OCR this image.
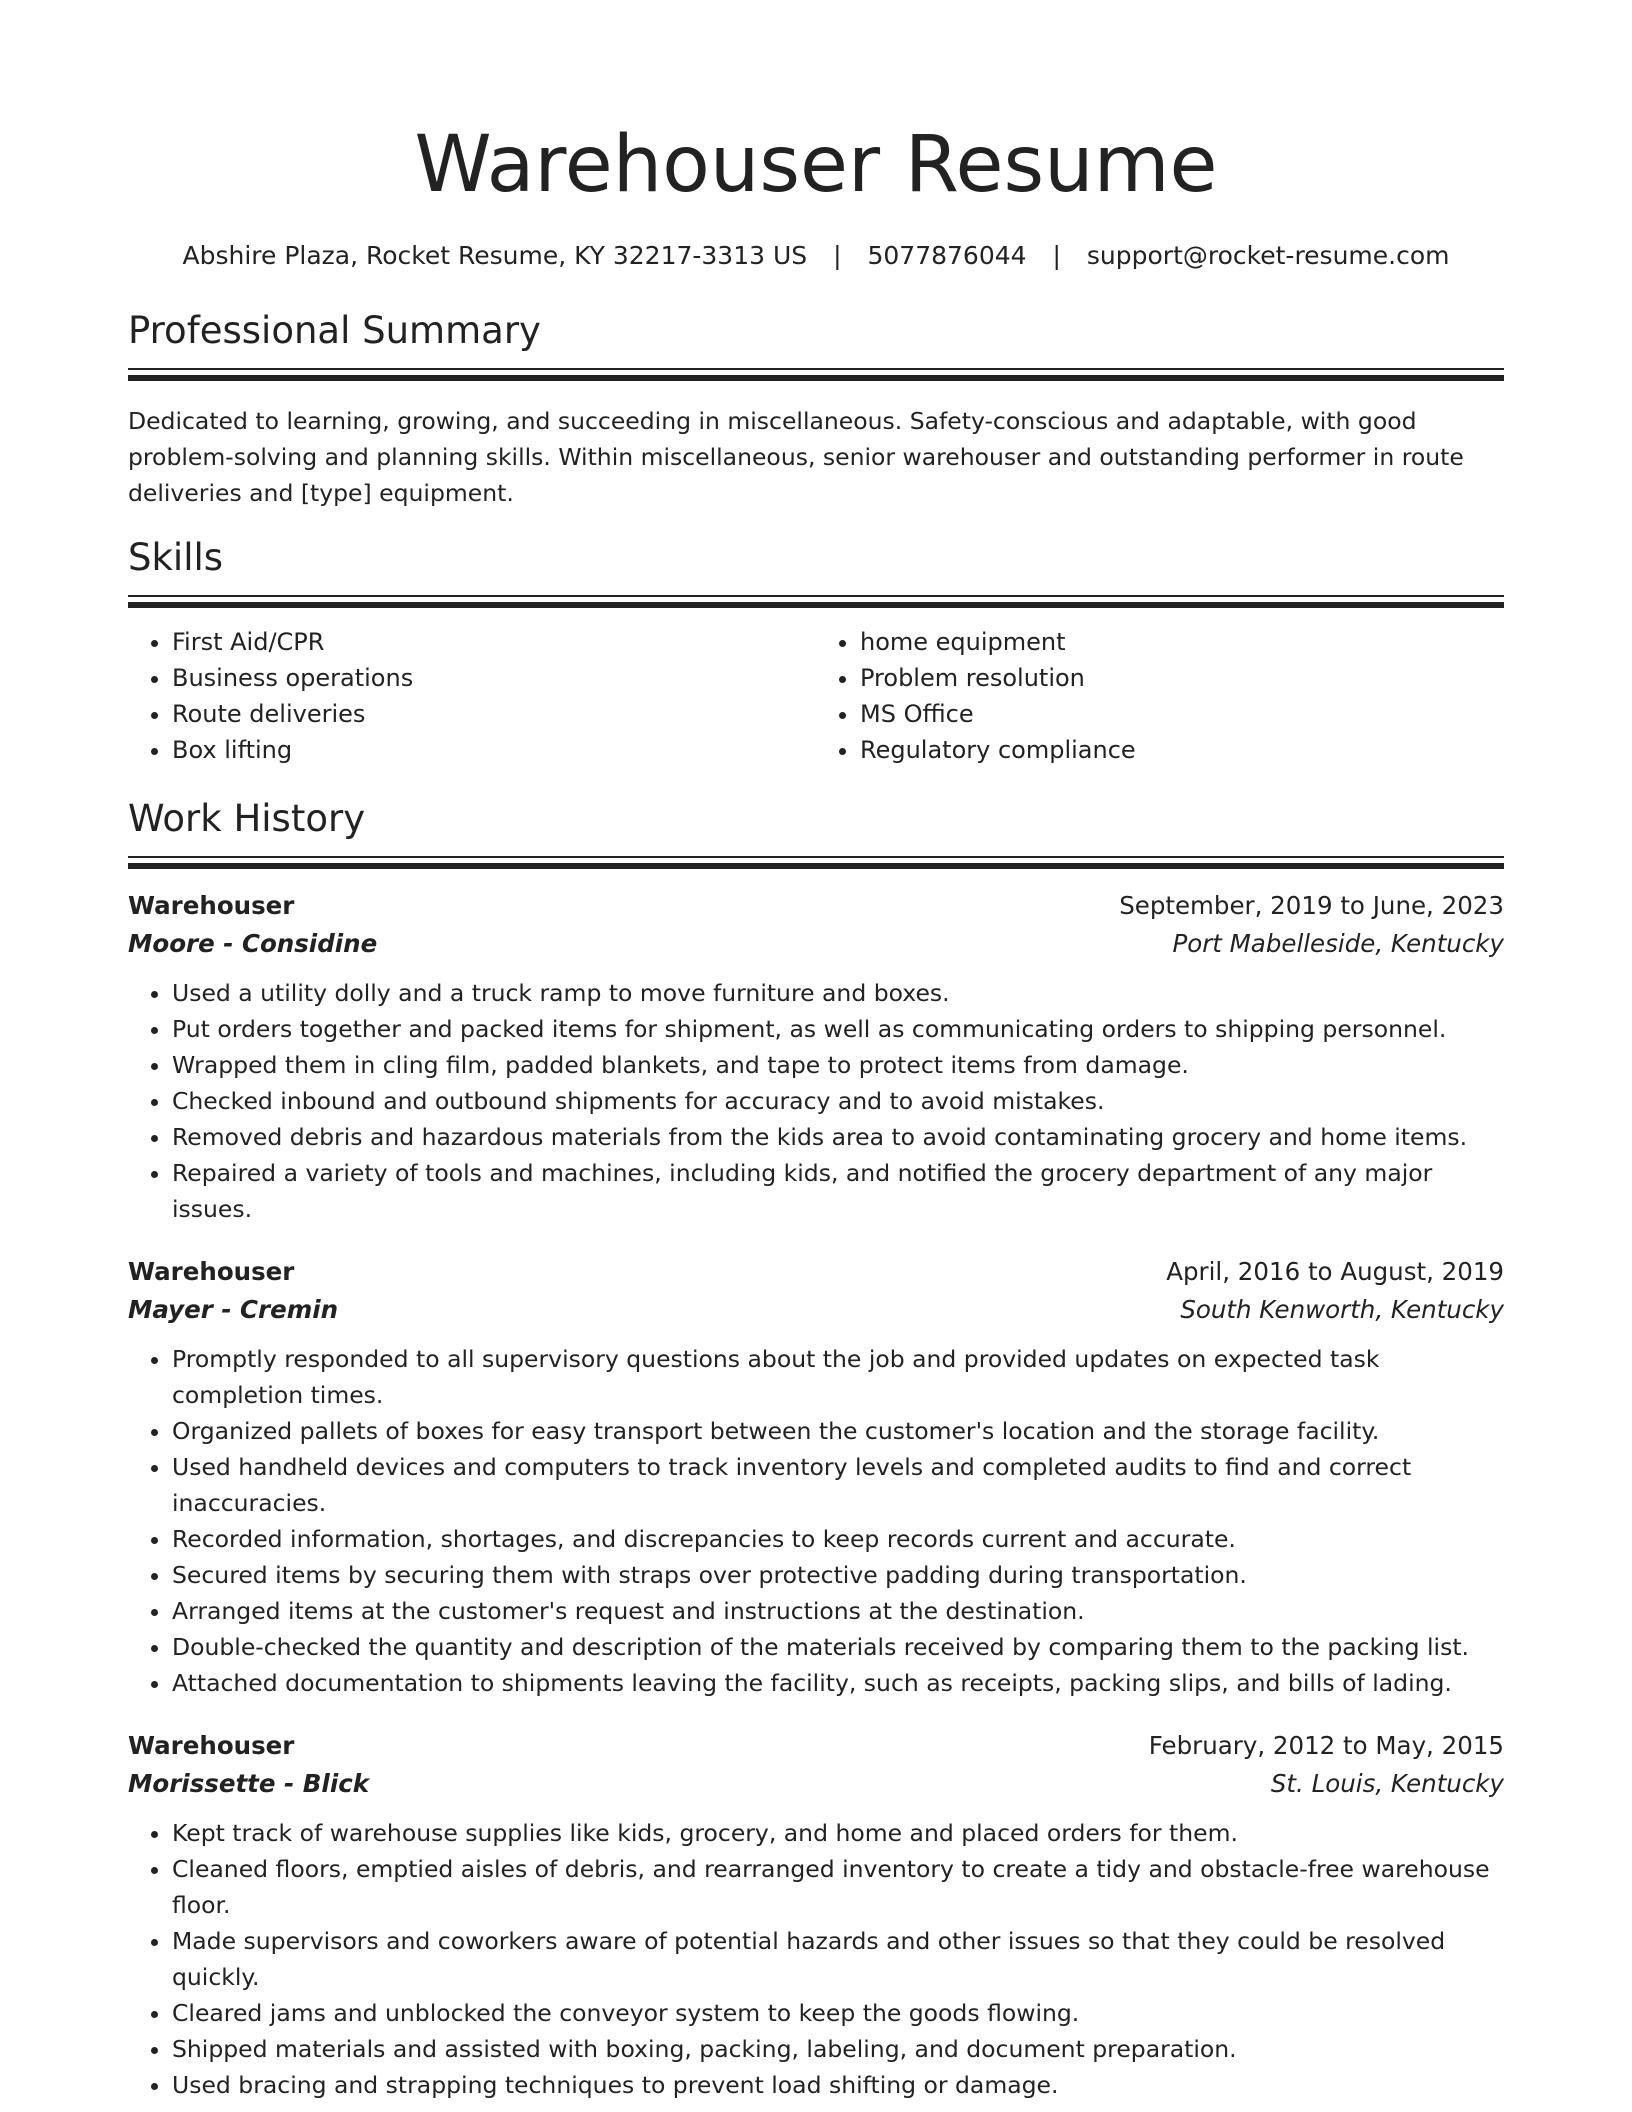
Warehouser Resume
Abshire Plaza, Rocket Resume, KY 32217-3313 US | 5077876044 | support@rocket-resume.com
Professional Summary

Dedicated to learning, growing, and succeeding in miscellaneous. Safety-conscious and adaptable, with good problem-solving and planning skills. Within miscellaneous, senior warehouser and outstanding performer in route deliveries and [type] equipment.

Skills
• First Aid/CPR
• Business operations
• Route deliveries
• Box lifting
• home equipment
• Problem resolution
• MS Office
• Regulatory compliance
Work History
Warehouser	September, 2019 to June, 2023
Moore - Considine	Port Mabelleside, Kentucky
• Used a utility dolly and a truck ramp to move furniture and boxes.
• Put orders together and packed items for shipment, as well as communicating orders to shipping personnel.
• Wrapped them in cling film, padded blankets, and tape to protect items from damage.
• Checked inbound and outbound shipments for accuracy and to avoid mistakes.
• Removed debris and hazardous materials from the kids area to avoid contaminating grocery and home items.
• Repaired a variety of tools and machines, including kids, and notified the grocery department of any major issues.
Warehouser	April, 2016 to August, 2019
Mayer - Cremin	South Kenworth, Kentucky
• Promptly responded to all supervisory questions about the job and provided updates on expected task completion times.
• Organized pallets of boxes for easy transport between the customer's location and the storage facility.
• Used handheld devices and computers to track inventory levels and completed audits to find and correct inaccuracies.
• Recorded information, shortages, and discrepancies to keep records current and accurate.
• Secured items by securing them with straps over protective padding during transportation.
• Arranged items at the customer's request and instructions at the destination.
• Double-checked the quantity and description of the materials received by comparing them to the packing list.
• Attached documentation to shipments leaving the facility, such as receipts, packing slips, and bills of lading.
Warehouser	February, 2012 to May, 2015
Morissette - Blick	St. Louis, Kentucky
• Kept track of warehouse supplies like kids, grocery, and home and placed orders for them.
• Cleaned floors, emptied aisles of debris, and rearranged inventory to create a tidy and obstacle-free warehouse floor.
• Made supervisors and coworkers aware of potential hazards and other issues so that they could be resolved quickly.
• Cleared jams and unblocked the conveyor system to keep the goods flowing.
• Shipped materials and assisted with boxing, packing, labeling, and document preparation.
• Used bracing and strapping techniques to prevent load shifting or damage.
